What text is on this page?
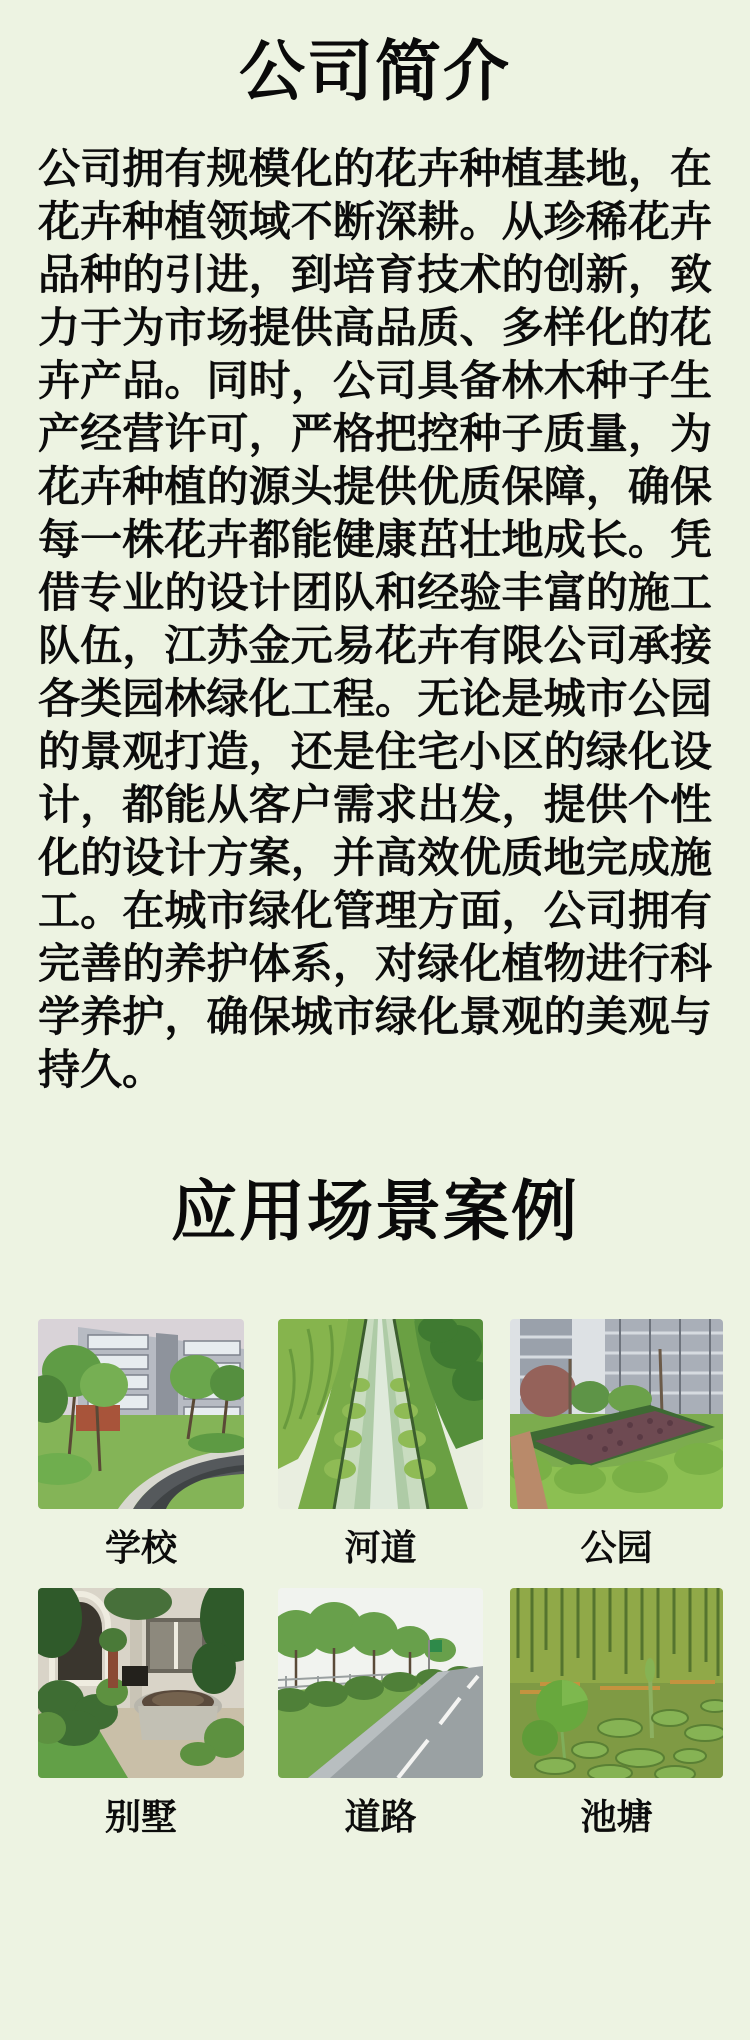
公司简介

公司拥有规模化的花卉种植基地，在花卉种植领域不断深耕。从珍稀花卉品种的引进，到培育技术的创新，致力于为市场提供高品质、多样化的花卉产品。同时，公司具备林木种子生产经营许可，严格把控种子质量，为花卉种植的源头提供优质保障，确保每一株花卉都能健康茁壮地成长。凭借专业的设计团队和经验丰富的施工队伍，江苏金元易花卉有限公司承接各类园林绿化工程。无论是城市公园的景观打造，还是住宅小区的绿化设计，都能从客户需求出发，提供个性化的设计方案，并高效优质地完成施工。在城市绿化管理方面，公司拥有完善的养护体系，对绿化植物进行科学养护，确保城市绿化景观的美观与持久。

应用场景案例
学校	河道	公园
别墅	道路	池塘
